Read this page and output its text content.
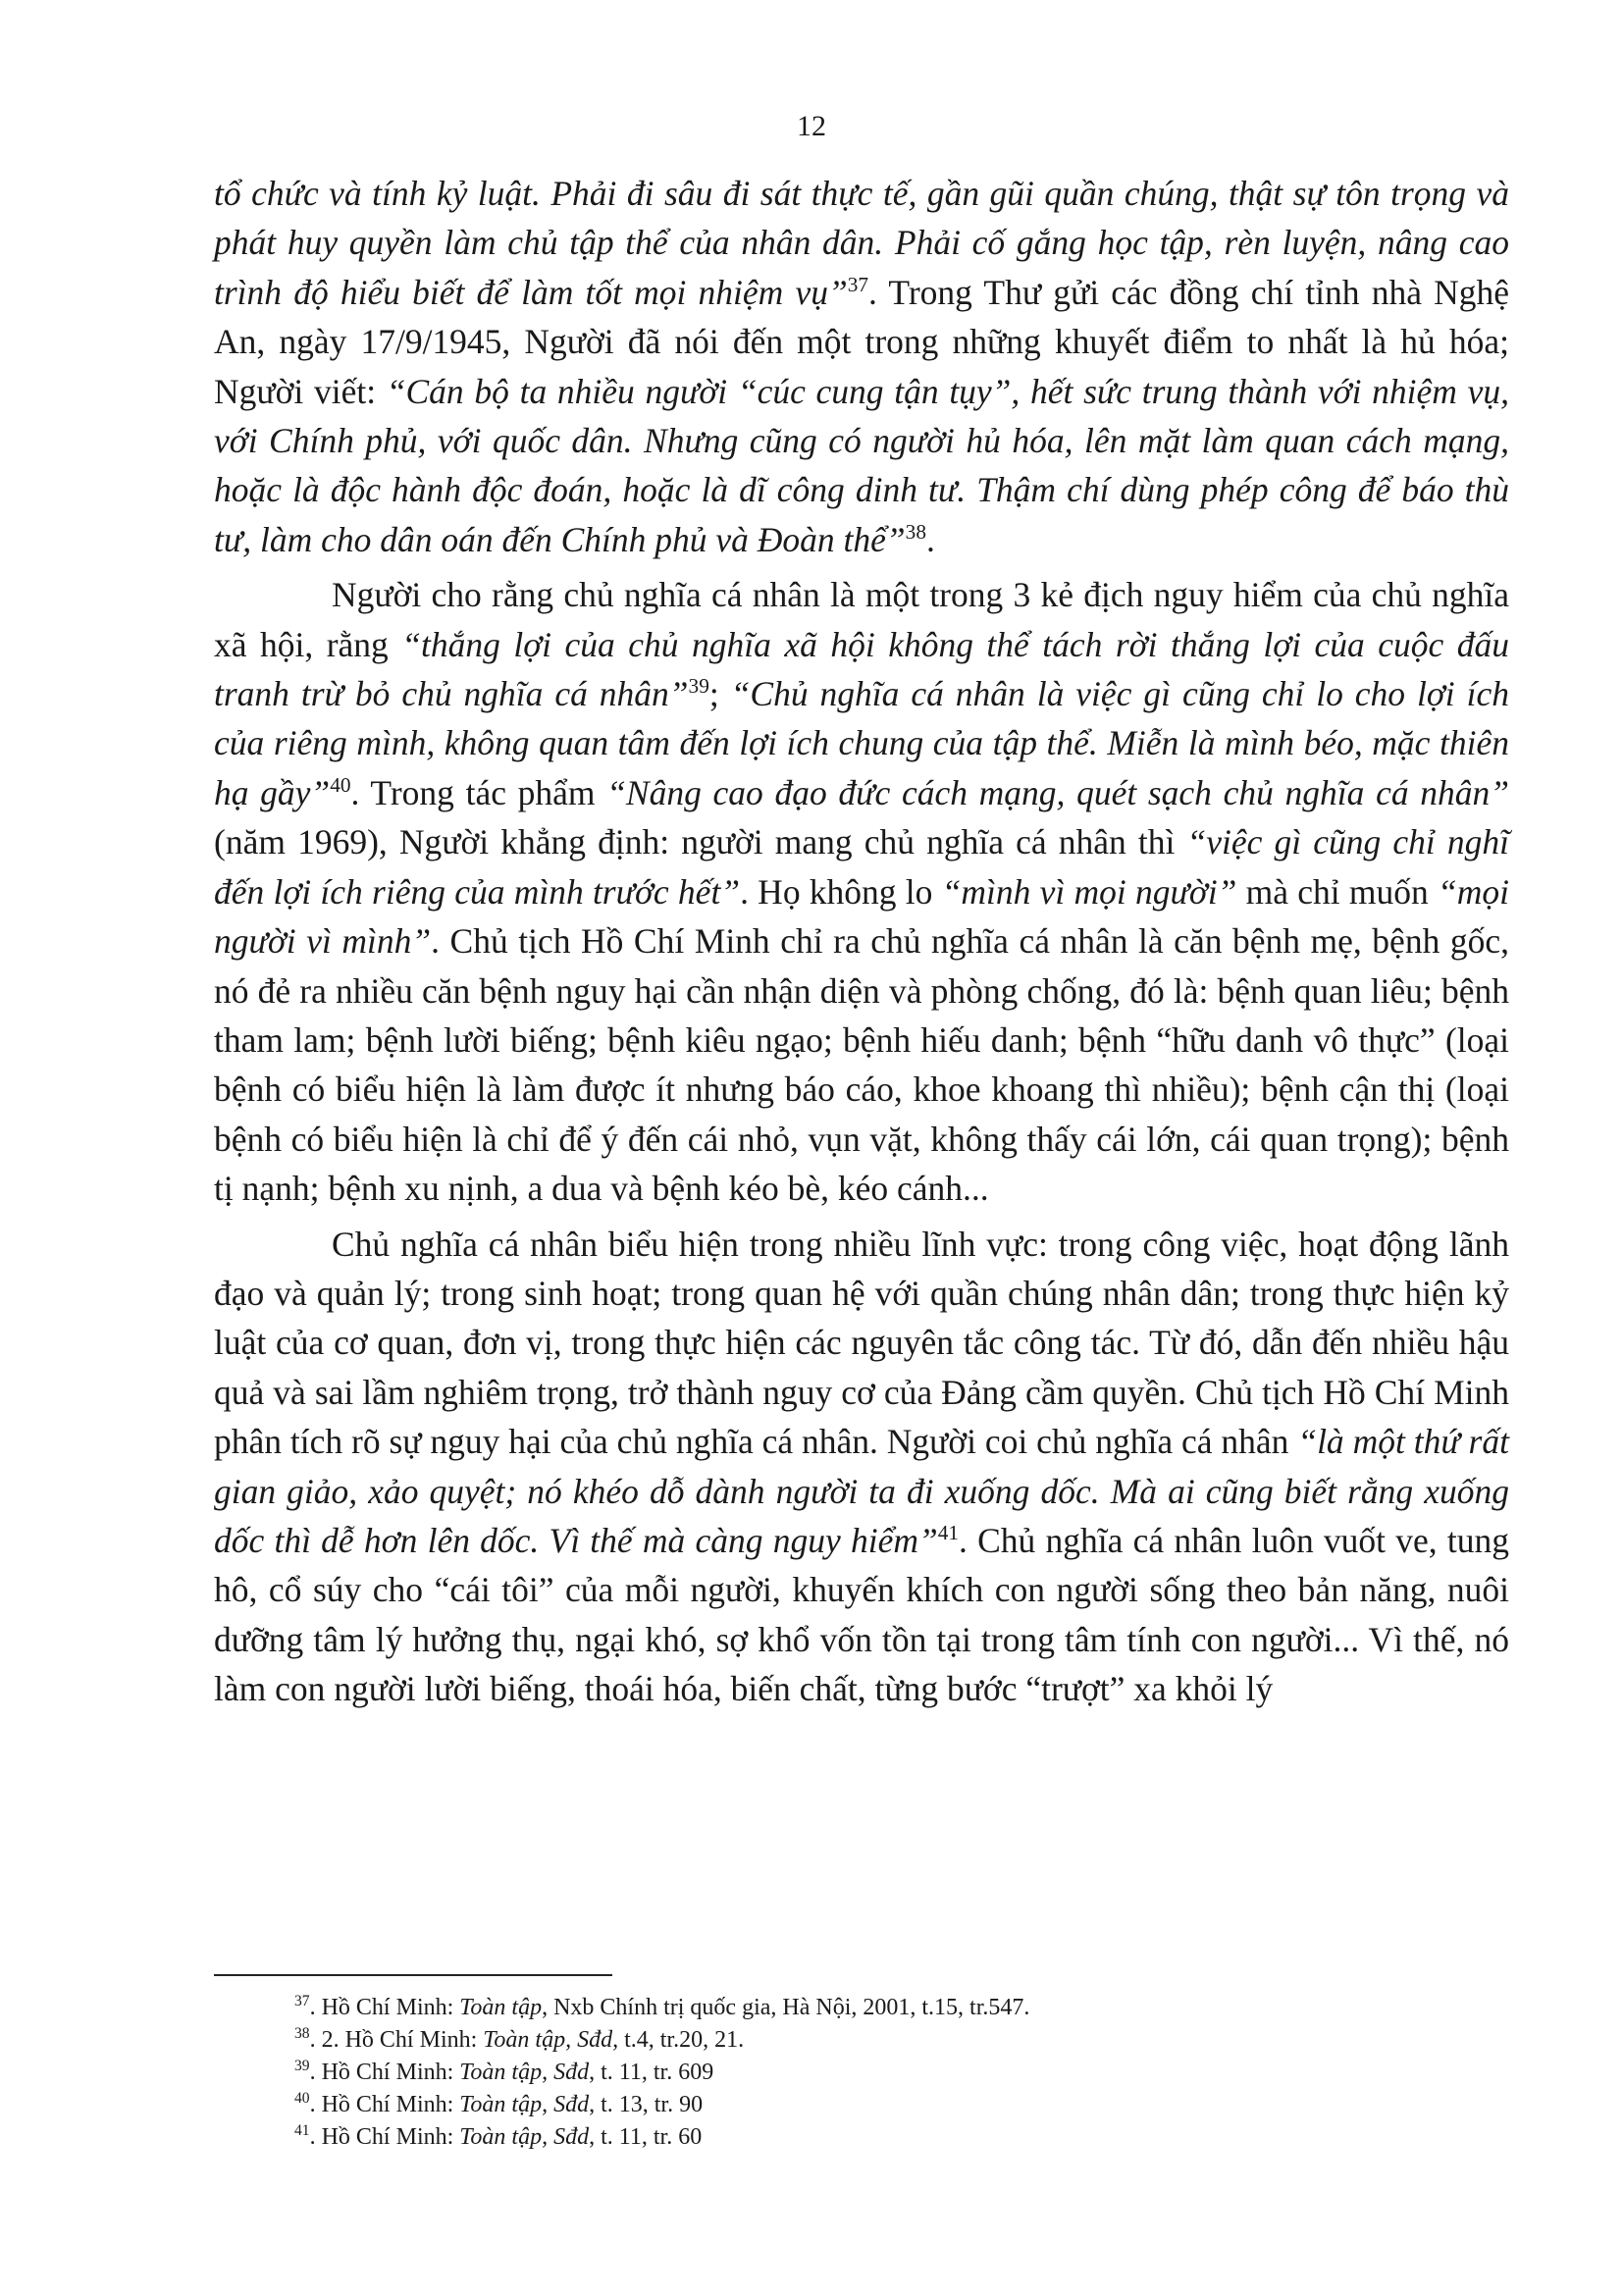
12

tổ chức và tính kỷ luật. Phải đi sâu đi sát thực tế, gần gũi quần chúng, thật sự tôn trọng và phát huy quyền làm chủ tập thể của nhân dân. Phải cố gắng học tập, rèn luyện, nâng cao trình độ hiểu biết để làm tốt mọi nhiệm vụ”$^{37}$. Trong Thư gửi các đồng chí tỉnh nhà Nghệ An, ngày 17/9/1945, Người đã nói đến một trong những khuyết điểm to nhất là hủ hóa; Người viết: “Cán bộ ta nhiều người “cúc cung tận tụy”, hết sức trung thành với nhiệm vụ, với Chính phủ, với quốc dân. Nhưng cũng có người hủ hóa, lên mặt làm quan cách mạng, hoặc là độc hành độc đoán, hoặc là dĩ công dinh tư. Thậm chí dùng phép công để báo thù tư, làm cho dân oán đến Chính phủ và Đoàn thể”$^{38}$.

Người cho rằng chủ nghĩa cá nhân là một trong 3 kẻ địch nguy hiểm của chủ nghĩa xã hội, rằng “thắng lợi của chủ nghĩa xã hội không thể tách rời thắng lợi của cuộc đấu tranh trừ bỏ chủ nghĩa cá nhân”$^{39}$; “Chủ nghĩa cá nhân là việc gì cũng chỉ lo cho lợi ích của riêng mình, không quan tâm đến lợi ích chung của tập thể. Miễn là mình béo, mặc thiên hạ gầy”$^{40}$. Trong tác phẩm “Nâng cao đạo đức cách mạng, quét sạch chủ nghĩa cá nhân” (năm 1969), Người khẳng định: người mang chủ nghĩa cá nhân thì “việc gì cũng chỉ nghĩ đến lợi ích riêng của mình trước hết”. Họ không lo “mình vì mọi người” mà chỉ muốn “mọi người vì mình”. Chủ tịch Hồ Chí Minh chỉ ra chủ nghĩa cá nhân là căn bệnh mẹ, bệnh gốc, nó đẻ ra nhiều căn bệnh nguy hại cần nhận diện và phòng chống, đó là: bệnh quan liêu; bệnh tham lam; bệnh lười biếng; bệnh kiêu ngạo; bệnh hiếu danh; bệnh “hữu danh vô thực” (loại bệnh có biểu hiện là làm được ít nhưng báo cáo, khoe khoang thì nhiều); bệnh cận thị (loại bệnh có biểu hiện là chỉ để ý đến cái nhỏ, vụn vặt, không thấy cái lớn, cái quan trọng); bệnh tị nạnh; bệnh xu nịnh, a dua và bệnh kéo bè, kéo cánh...

Chủ nghĩa cá nhân biểu hiện trong nhiều lĩnh vực: trong công việc, hoạt động lãnh đạo và quản lý; trong sinh hoạt; trong quan hệ với quần chúng nhân dân; trong thực hiện kỷ luật của cơ quan, đơn vị, trong thực hiện các nguyên tắc công tác. Từ đó, dẫn đến nhiều hậu quả và sai lầm nghiêm trọng, trở thành nguy cơ của Đảng cầm quyền. Chủ tịch Hồ Chí Minh phân tích rõ sự nguy hại của chủ nghĩa cá nhân. Người coi chủ nghĩa cá nhân “là một thứ rất gian giảo, xảo quyệt; nó khéo dỗ dành người ta đi xuống dốc. Mà ai cũng biết rằng xuống dốc thì dễ hơn lên dốc. Vì thế mà càng nguy hiểm”$^{41}$. Chủ nghĩa cá nhân luôn vuốt ve, tung hô, cổ súy cho “cái tôi” của mỗi người, khuyến khích con người sống theo bản năng, nuôi dưỡng tâm lý hưởng thụ, ngại khó, sợ khổ vốn tồn tại trong tâm tính con người... Vì thế, nó làm con người lười biếng, thoái hóa, biến chất, từng bước “trượt” xa khỏi lý

$^{37}$. Hồ Chí Minh: Toàn tập, Nxb Chính trị quốc gia, Hà Nội, 2001, t.15, tr.547.

$^{38}$. 2. Hồ Chí Minh: Toàn tập, Sđd, t.4, tr.20, 21.

$^{39}$. Hồ Chí Minh: Toàn tập, Sđd, t. 11, tr. 609

$^{40}$. Hồ Chí Minh: Toàn tập, Sđd, t. 13, tr. 90

$^{41}$. Hồ Chí Minh: Toàn tập, Sđd, t. 11, tr. 60
